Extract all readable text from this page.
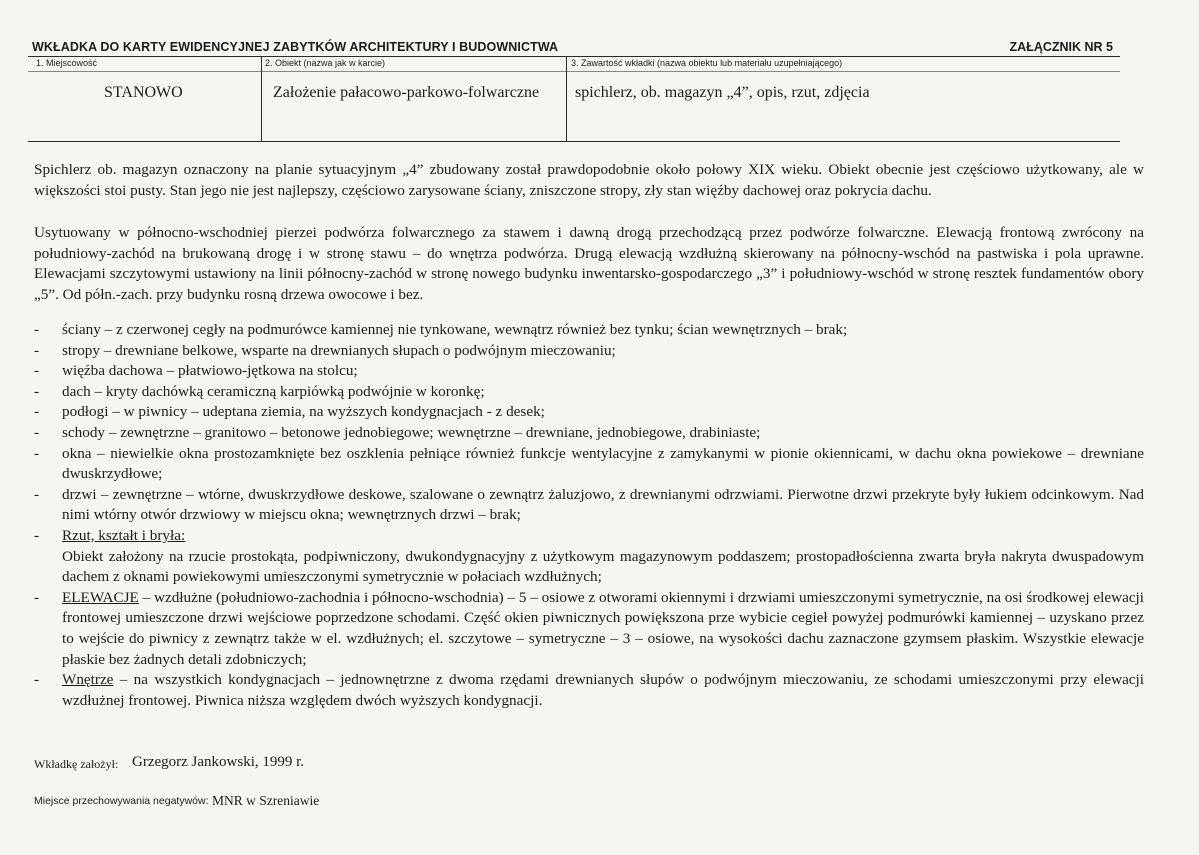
WKŁADKA DO KARTY EWIDENCYJNEJ ZABYTKÓW ARCHITEKTURY I BUDOWNICTWA	ZAŁĄCZNIK NR 5
1. Miejscowość
STANOWO
2. Obiekt (nazwa jak w karcie)
Założenie pałacowo-parkowo-folwarczne
3. Zawartość wkładki (nazwa obiektu lub materiału uzupełniającego)
spichlerz, ob. magazyn „4”, opis, rzut, zdjęcia

Spichlerz ob. magazyn oznaczony na planie sytuacyjnym „4” zbudowany został prawdopodobnie około połowy XIX wieku. Obiekt obecnie jest częściowo użytkowany, ale w większości stoi pusty. Stan jego nie jest najlepszy, częściowo zarysowane ściany, zniszczone stropy, zły stan więźby dachowej oraz pokrycia dachu.

Usytuowany w północno-wschodniej pierzei podwórza folwarcznego za stawem i dawną drogą przechodzącą przez podwórze folwarczne. Elewacją frontową zwrócony na południowy-zachód na brukowaną drogę i w stronę stawu – do wnętrza podwórza. Drugą elewacją wzdłużną skierowany na północny-wschód na pastwiska i pola uprawne. Elewacjami szczytowymi ustawiony na linii północny-zachód w stronę nowego budynku inwentarsko-gospodarczego „3” i południowy-wschód w stronę resztek fundamentów obory „5”. Od półn.-zach. przy budynku rosną drzewa owocowe i bez.

-	ściany – z czerwonej cegły na podmurówce kamiennej nie tynkowane, wewnątrz również bez tynku; ścian wewnętrznych – brak;
-	stropy – drewniane belkowe, wsparte na drewnianych słupach o podwójnym mieczowaniu;
-	więźba dachowa – płatwiowo-jętkowa na stolcu;
-	dach – kryty dachówką ceramiczną karpiówką podwójnie w koronkę;
-	podłogi – w piwnicy – udeptana ziemia, na wyższych kondygnacjach - z desek;
-	schody – zewnętrzne – granitowo – betonowe jednobiegowe; wewnętrzne – drewniane, jednobiegowe, drabiniaste;
-	okna – niewielkie okna prostozamknięte bez oszklenia pełniące również funkcje wentylacyjne z zamykanymi w pionie okiennicami, w dachu okna powiekowe – drewniane dwuskrzydłowe;
-	drzwi – zewnętrzne – wtórne, dwuskrzydłowe deskowe, szalowane o zewnątrz żaluzjowo, z drewnianymi odrzwiami. Pierwotne drzwi przekryte były łukiem odcinkowym. Nad nimi wtórny otwór drzwiowy w miejscu okna; wewnętrznych drzwi – brak;
-	Rzut, kształt i bryła:
Obiekt założony na rzucie prostokąta, podpiwniczony, dwukondygnacyjny z użytkowym magazynowym poddaszem; prostopadłościenna zwarta bryła nakryta dwuspadowym dachem z oknami powiekowymi umieszczonymi symetrycznie w połaciach wzdłużnych;
-	ELEWACJE – wzdłużne (południowo-zachodnia i północno-wschodnia) – 5 – osiowe z otworami okiennymi i drzwiami umieszczonymi symetrycznie, na osi środkowej elewacji frontowej umieszczone drzwi wejściowe poprzedzone schodami. Część okien piwnicznych powiększona prze wybicie cegieł powyżej podmurówki kamiennej – uzyskano przez to wejście do piwnicy z zewnątrz także w el. wzdłużnych; el. szczytowe – symetryczne – 3 – osiowe, na wysokości dachu zaznaczone gzymsem płaskim. Wszystkie elewacje płaskie bez żadnych detali zdobniczych;
-	Wnętrze – na wszystkich kondygnacjach – jednownętrzne z dwoma rzędami drewnianych słupów o podwójnym mieczowaniu, ze schodami umieszczonymi przy elewacji wzdłużnej frontowej. Piwnica niższa względem dwóch wyższych kondygnacji.
Wkładkę założył: Grzegorz Jankowski, 1999 r.
Miejsce przechowywania negatywów: MNR w Szreniawie
